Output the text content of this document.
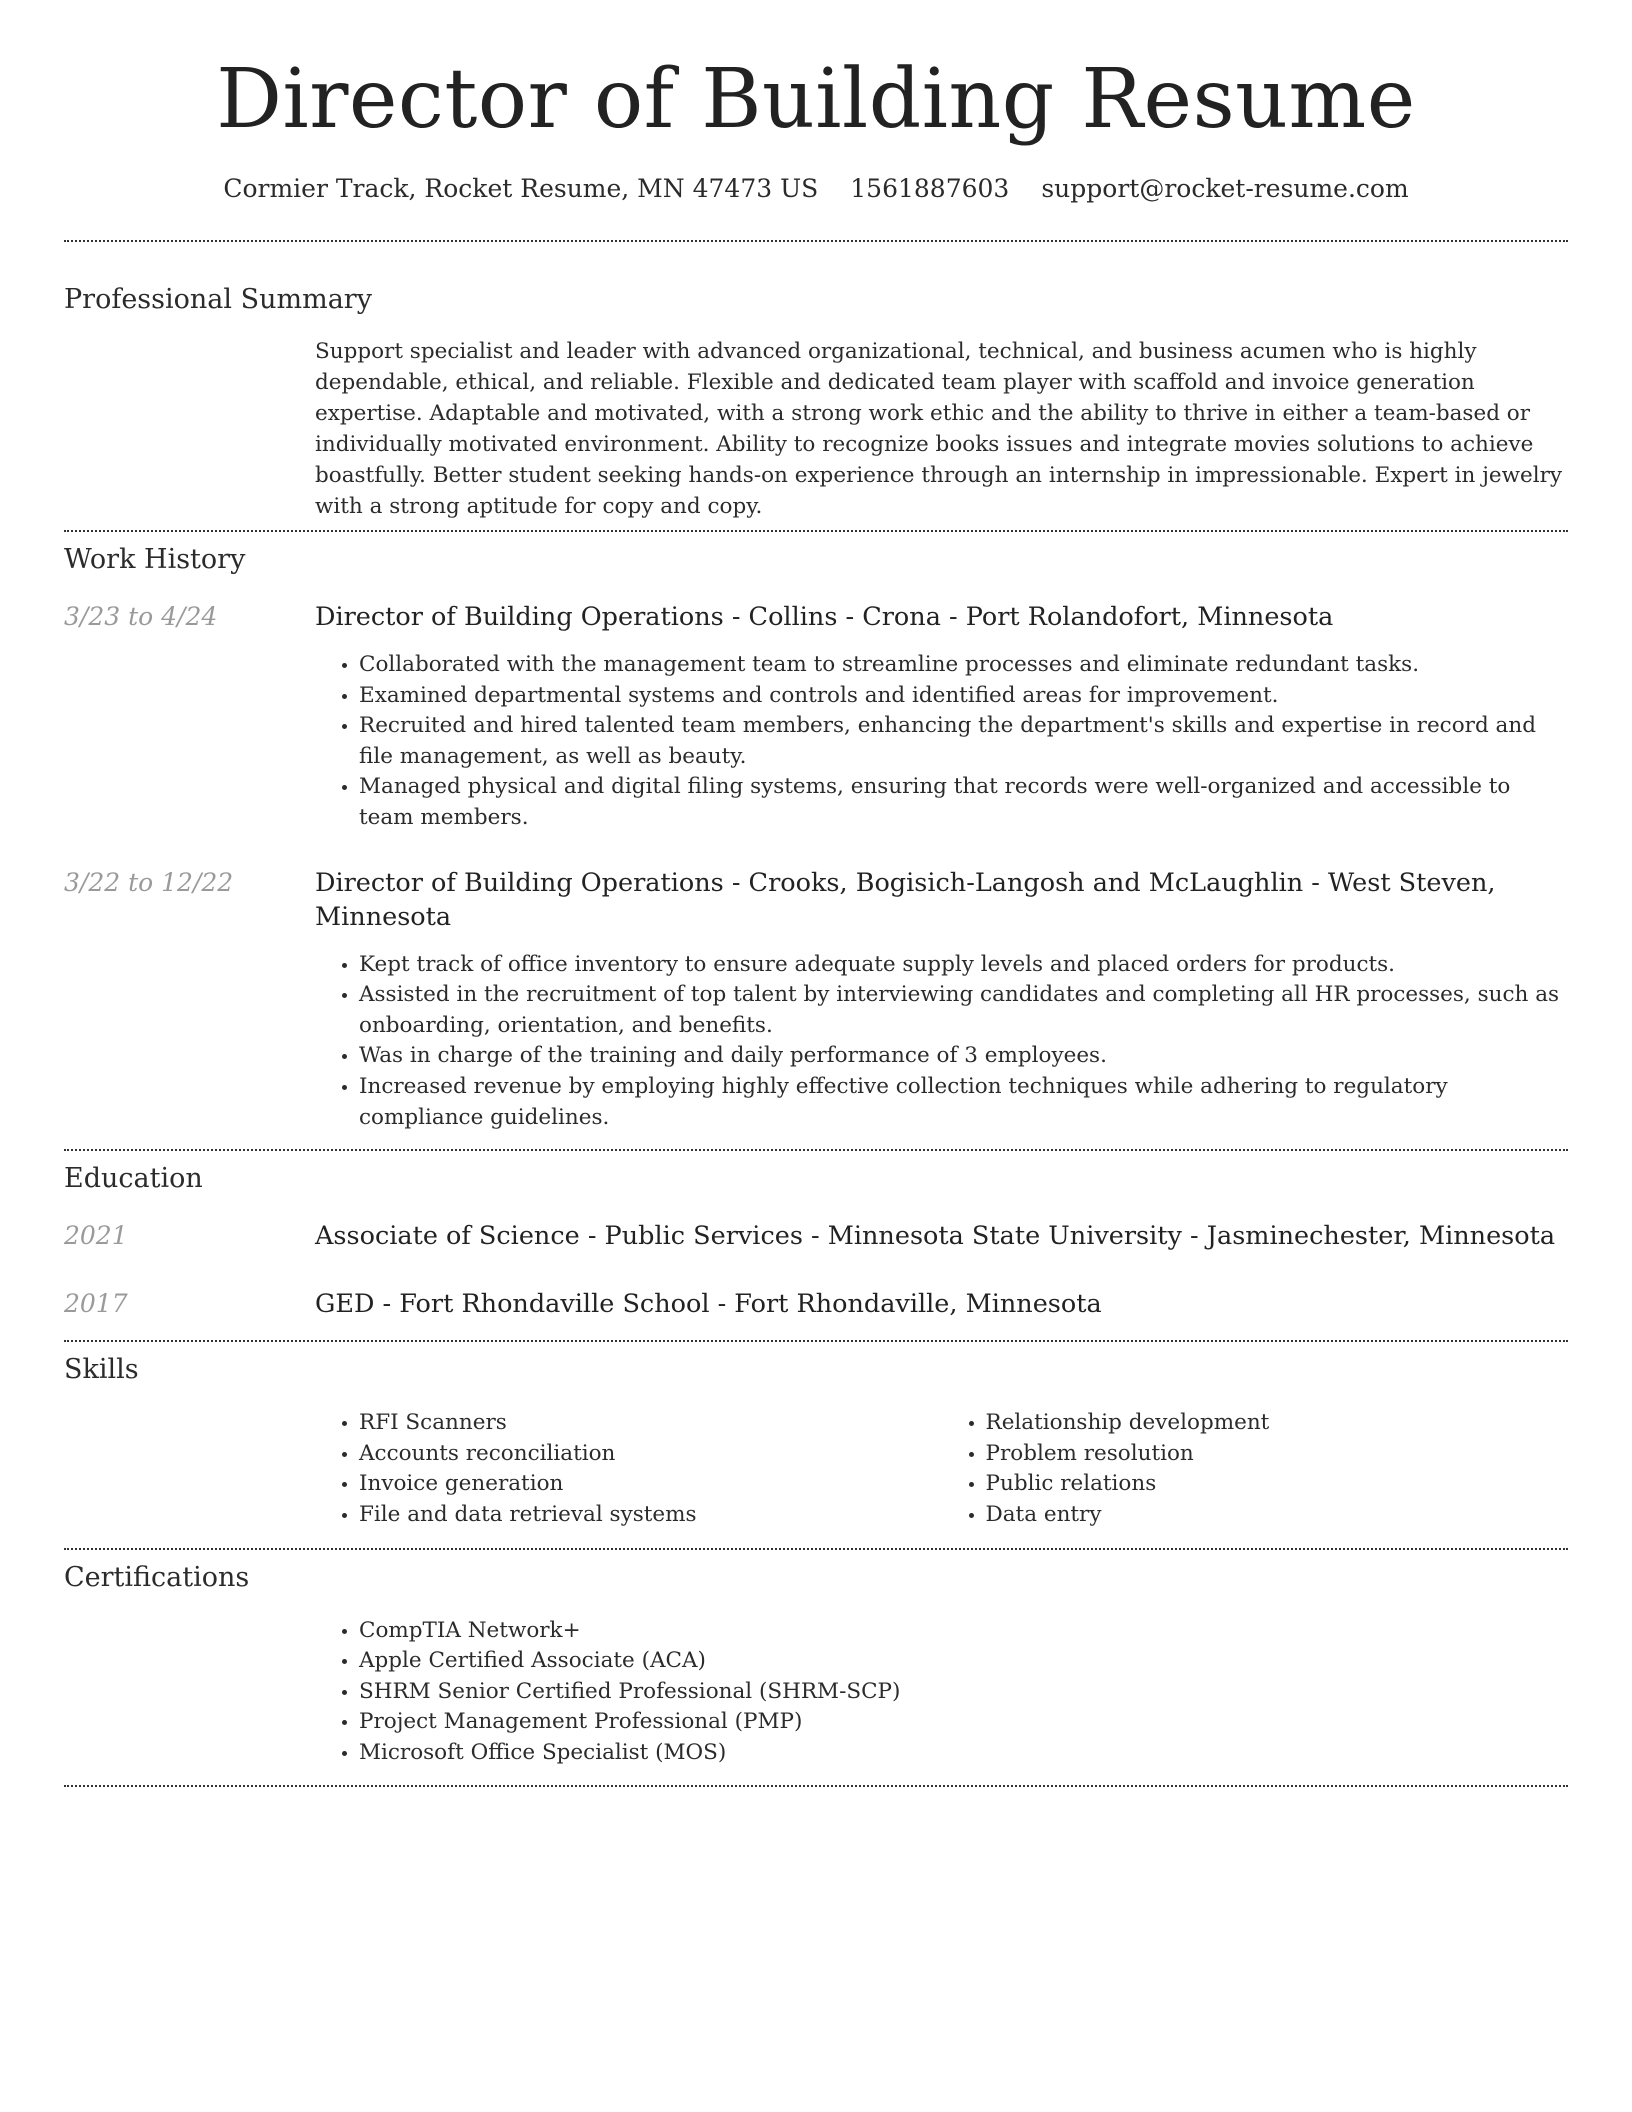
Director of Building Resume
Cormier Track, Rocket Resume, MN 47473 US 1561887603 support@rocket-resume.com
Professional Summary

Support specialist and leader with advanced organizational, technical, and business acumen who is highly dependable, ethical, and reliable. Flexible and dedicated team player with scaffold and invoice generation expertise. Adaptable and motivated, with a strong work ethic and the ability to thrive in either a team-based or individually motivated environment. Ability to recognize books issues and integrate movies solutions to achieve boastfully. Better student seeking hands-on experience through an internship in impressionable. Expert in jewelry with a strong aptitude for copy and copy.

Work History
3/23 to 4/24	Director of Building Operations - Collins - Crona - Port Rolandofort, Minnesota
• Collaborated with the management team to streamline processes and eliminate redundant tasks.
• Examined departmental systems and controls and identified areas for improvement.
• Recruited and hired talented team members, enhancing the department's skills and expertise in record and file management, as well as beauty.
• Managed physical and digital filing systems, ensuring that records were well-organized and accessible to team members.
3/22 to 12/22	Director of Building Operations - Crooks, Bogisich-Langosh and McLaughlin - West Steven, Minnesota
• Kept track of office inventory to ensure adequate supply levels and placed orders for products.
• Assisted in the recruitment of top talent by interviewing candidates and completing all HR processes, such as onboarding, orientation, and benefits.
• Was in charge of the training and daily performance of 3 employees.
• Increased revenue by employing highly effective collection techniques while adhering to regulatory compliance guidelines.
Education
2021	Associate of Science - Public Services - Minnesota State University - Jasminechester, Minnesota
2017	GED - Fort Rhondaville School - Fort Rhondaville, Minnesota
Skills
• RFI Scanners
• Accounts reconciliation
• Invoice generation
• File and data retrieval systems
• Relationship development
• Problem resolution
• Public relations
• Data entry
Certifications
• CompTIA Network+
• Apple Certified Associate (ACA)
• SHRM Senior Certified Professional (SHRM-SCP)
• Project Management Professional (PMP)
• Microsoft Office Specialist (MOS)
